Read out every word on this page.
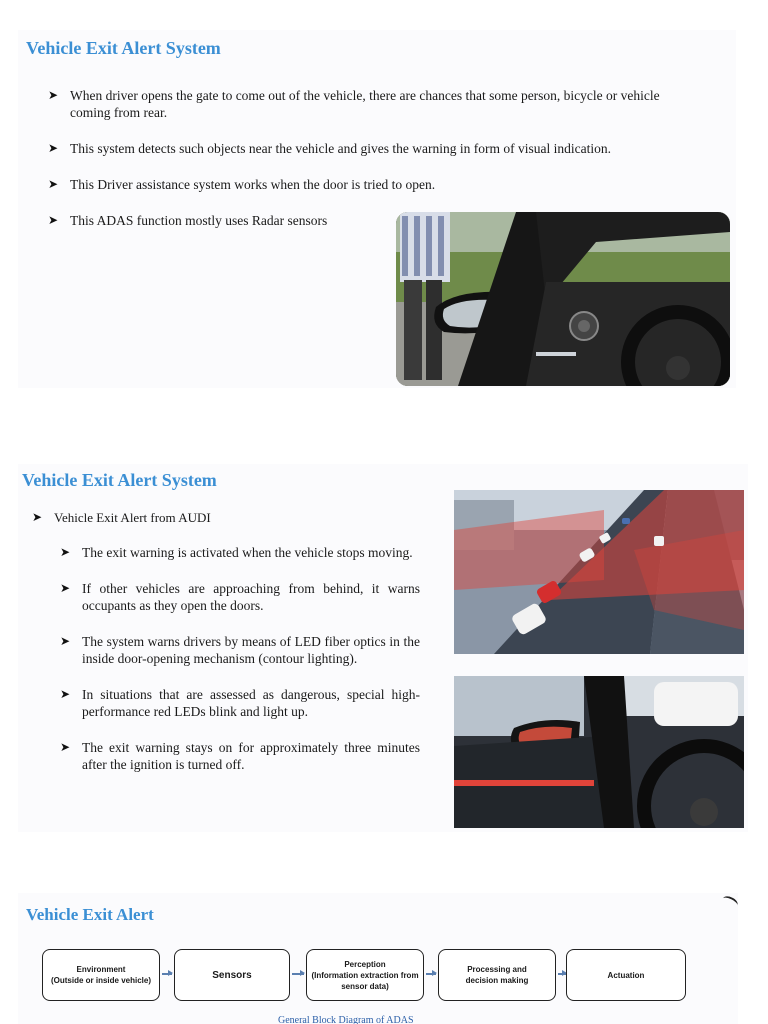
Vehicle Exit Alert System
➤ When driver opens the gate to come out of the vehicle, there are chances that some person, bicycle or vehicle coming from rear.
➤ This system detects such objects near the vehicle and gives the warning in form of visual indication.
➤ This Driver assistance system works when the door is tried to open.
➤ This ADAS function mostly uses Radar sensors
Vehicle Exit Alert System
➤ Vehicle Exit Alert from AUDI
➤ The exit warning is activated when the vehicle stops moving.
➤ If other vehicles are approaching from behind, it warns occupants as they open the doors.
➤ The system warns drivers by means of LED fiber optics in the inside door-opening mechanism (contour lighting).
➤ In situations that are assessed as dangerous, special high-performance red LEDs blink and light up.
➤ The exit warning stays on for approximately three minutes after the ignition is turned off.
Vehicle Exit Alert
Environment
(Outside or inside vehicle)	Sensors
Perception
(Information extraction from sensor data)
Processing and
decision making
Actuation
General Block Diagram of ADAS
